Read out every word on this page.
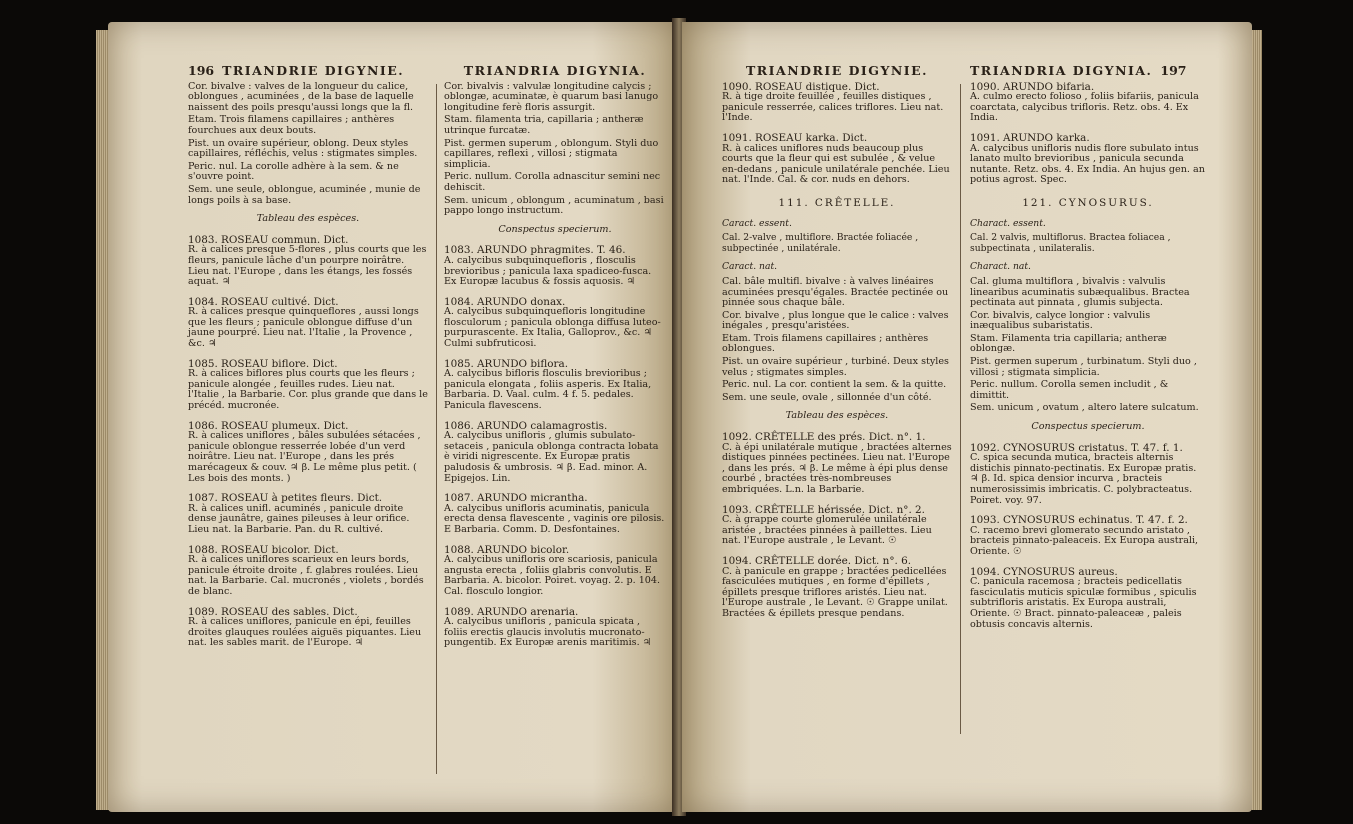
196 TRIANDRIE DIGYNIE.

Cor. bivalve : valves de la longueur du calice, oblongues , acuminées , de la base de laquelle naissent des poils presqu'aussi longs que la fl.

Etam. Trois filamens capillaires ; anthères fourchues aux deux bouts.

Pist. un ovaire supérieur, oblong. Deux styles capillaires, réfléchis, velus : stigmates simples.

Peric. nul. La corolle adhère à la sem. & ne s'ouvre point.

Sem. une seule, oblongue, acuminée , munie de longs poils à sa base.

Tableau des espèces.
1083. ROSEAU commun. Dict.

R. à calices presque 5-flores , plus courts que les fleurs, panicule lâche d'un pourpre noirâtre. Lieu nat. l'Europe , dans les étangs, les fossés aquat. ♃

1084. ROSEAU cultivé. Dict.

R. à calices presque quinqueflores , aussi longs que les fleurs ; panicule oblongue diffuse d'un jaune pourpré. Lieu nat. l'Italie , la Provence , &c. ♃

1085. ROSEAU biflore. Dict.

R. à calices biflores plus courts que les fleurs ; panicule alongée , feuilles rudes. Lieu nat. l'Italie , la Barbarie. Cor. plus grande que dans le précéd. mucronée.

1086. ROSEAU plumeux. Dict.

R. à calices uniflores , bâles subulées sétacées , panicule oblongue resserrée lobée d'un verd noirâtre. Lieu nat. l'Europe , dans les prés marécageux & couv. ♃ β. Le même plus petit. ( Les bois des monts. )

1087. ROSEAU à petites fleurs. Dict.

R. à calices unifl. acuminés , panicule droite dense jaunâtre, gaines pileuses à leur orifice. Lieu nat. la Barbarie. Pan. du R. cultivé.

1088. ROSEAU bicolor. Dict.

R. à calices uniflores scarieux en leurs bords, panicule étroite droite , f. glabres roulées. Lieu nat. la Barbarie. Cal. mucronés , violets , bordés de blanc.

1089. ROSEAU des sables. Dict.

R. à calices uniflores, panicule en épi, feuilles droites glauques roulées aiguës piquantes. Lieu nat. les sables marit. de l'Europe. ♃

TRIANDRIA DIGYNIA.

Cor. bivalvis : valvulæ longitudine calycis ; oblongæ, acuminatæ, è quarum basi lanugo longitudine ferè floris assurgit.

Stam. filamenta tria, capillaria ; antheræ utrinque furcatæ.

Pist. germen superum , oblongum. Styli duo capillares, reflexi , villosi ; stigmata simplicia.

Peric. nullum. Corolla adnascitur semini nec dehiscit.

Sem. unicum , oblongum , acuminatum , basi pappo longo instructum.

Conspectus specierum.
1083. ARUNDO phragmites. T. 46.

A. calycibus subquinquefloris , flosculis brevioribus ; panicula laxa spadiceo-fusca. Ex Europæ lacubus & fossis aquosis. ♃

1084. ARUNDO donax.

A. calycibus subquinquefloris longitudine flosculorum ; panicula oblonga diffusa luteo-purpurascente. Ex Italia, Galloprov., &c. ♃ Culmi subfruticosi.

1085. ARUNDO biflora.

A. calycibus bifloris flosculis brevioribus ; panicula elongata , foliis asperis. Ex Italia, Barbaria. D. Vaal. culm. 4 f. 5. pedales. Panicula flavescens.

1086. ARUNDO calamagrostis.

A. calycibus unifloris , glumis subulato-setaceis , panicula oblonga contracta lobata è viridi nigrescente. Ex Europæ pratis paludosis & umbrosis. ♃ β. Ead. minor. A. Epigejos. Lin.

1087. ARUNDO micrantha.

A. calycibus unifloris acuminatis, panicula erecta densa flavescente , vaginis ore pilosis. E Barbaria. Comm. D. Desfontaines.

1088. ARUNDO bicolor.

A. calycibus unifloris ore scariosis, panicula angusta erecta , foliis glabris convolutis. E Barbaria. A. bicolor. Poiret. voyag. 2. p. 104. Cal. flosculo longior.

1089. ARUNDO arenaria.

A. calycibus unifloris , panicula spicata , foliis erectis glaucis involutis mucronato-pungentib. Ex Europæ arenis maritimis. ♃

TRIANDRIE DIGYNIE.
1090. ROSEAU distique. Dict.

R. à tige droite feuillée , feuilles distiques , panicule resserrée, calices triflores. Lieu nat. l'Inde.

1091. ROSEAU karka. Dict.

R. à calices uniflores nuds beaucoup plus courts que la fleur qui est subulée , & velue en-dedans , panicule unilatérale penchée. Lieu nat. l'Inde. Cal. & cor. nuds en dehors.

111. CRÊTELLE.
Caract. essent.

Cal. 2-valve , multiflore. Bractée foliacée , subpectinée , unilatérale.

Caract. nat.

Cal. bâle multifl. bivalve : à valves linéaires acuminées presqu'égales. Bractée pectinée ou pinnée sous chaque bâle.

Cor. bivalve , plus longue que le calice : valves inégales , presqu'aristées.

Etam. Trois filamens capillaires ; anthères oblongues.

Pist. un ovaire supérieur , turbiné. Deux styles velus ; stigmates simples.

Peric. nul. La cor. contient la sem. & la quitte.

Sem. une seule, ovale , sillonnée d'un côté.

Tableau des espèces.
1092. CRÊTELLE des prés. Dict. n°. 1.

C. à épi unilatérale mutique , bractées alternes distiques pinnées pectinées. Lieu nat. l'Europe , dans les prés. ♃ β. Le même à épi plus dense courbé , bractées très-nombreuses embriquées. L.n. la Barbarie.

1093. CRÊTELLE hérissée. Dict. n°. 2.

C. à grappe courte glomerulée unilatérale aristée , bractées pinnées à paillettes. Lieu nat. l'Europe australe , le Levant. ☉

1094. CRÊTELLE dorée. Dict. n°. 6.

C. à panicule en grappe ; bractées pedicellées fasciculées mutiques , en forme d'épillets , épillets presque triflores aristés. Lieu nat. l'Europe australe , le Levant. ☉ Grappe unilat. Bractées & épillets presque pendans.

TRIANDRIA DIGYNIA. 197
1090. ARUNDO bifaria.

A. culmo erecto folioso , foliis bifariis, panicula coarctata, calycibus trifloris. Retz. obs. 4. Ex India.

1091. ARUNDO karka.

A. calycibus unifloris nudis flore subulato intus lanato multo brevioribus , panicula secunda nutante. Retz. obs. 4. Ex India. An hujus gen. an potius agrost. Spec.

121. CYNOSURUS.
Charact. essent.

Cal. 2 valvis, multiflorus. Bractea foliacea , subpectinata , unilateralis.

Charact. nat.

Cal. gluma multiflora , bivalvis : valvulis linearibus acuminatis subæqualibus. Bractea pectinata aut pinnata , glumis subjecta.

Cor. bivalvis, calyce longior : valvulis inæqualibus subaristatis.

Stam. Filamenta tria capillaria; antheræ oblongæ.

Pist. germen superum , turbinatum. Styli duo , villosi ; stigmata simplicia.

Peric. nullum. Corolla semen includit , & dimittit.

Sem. unicum , ovatum , altero latere sulcatum.

Conspectus specierum.
1092. CYNOSURUS cristatus. T. 47. f. 1.

C. spica secunda mutica, bracteis alternis distichis pinnato-pectinatis. Ex Europæ pratis. ♃ β. Id. spica densior incurva , bracteis numerosissimis imbricatis. C. polybracteatus. Poiret. voy. 97.

1093. CYNOSURUS echinatus. T. 47. f. 2.

C. racemo brevi glomerato secundo aristato , bracteis pinnato-paleaceis. Ex Europa australi, Oriente. ☉

1094. CYNOSURUS aureus.

C. panicula racemosa ; bracteis pedicellatis fasciculatis muticis spiculæ formibus , spiculis subtrifloris aristatis. Ex Europa australi, Oriente. ☉ Bract. pinnato-paleaceæ , paleis obtusis concavis alternis.
